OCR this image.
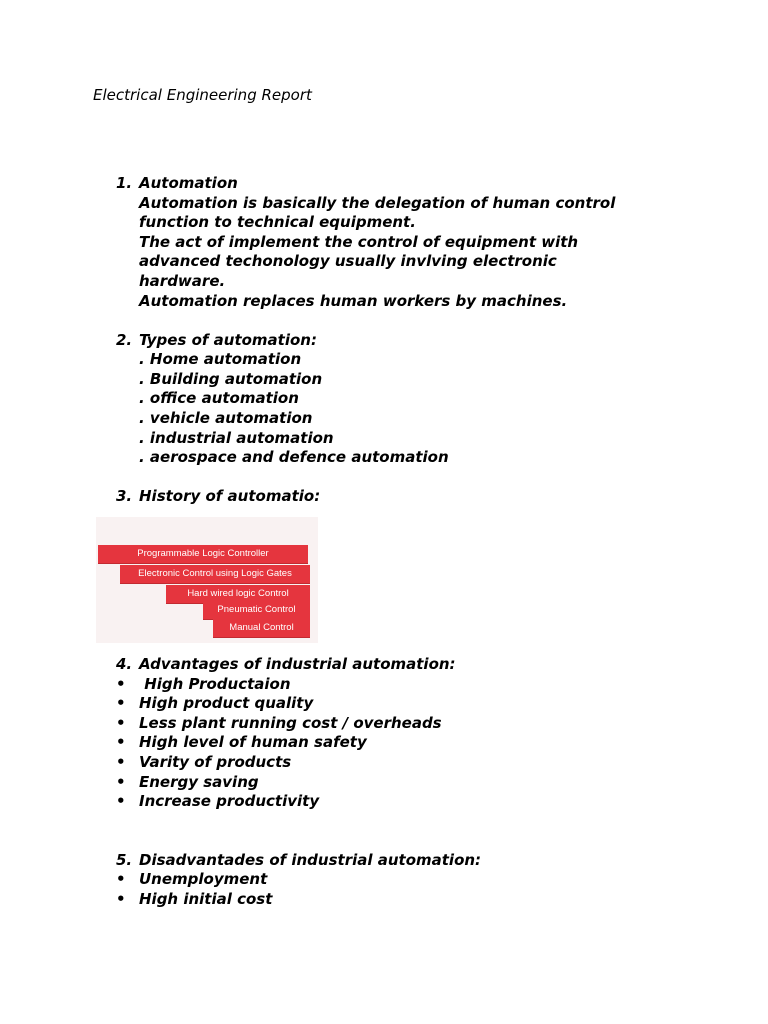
Electrical Engineering Report
1. Automation
Automation is basically the delegation of human control
function to technical equipment.
The act of implement the control of equipment with
advanced techonology usually invlving electronic
hardware.
Automation replaces human workers by machines.
2. Types of automation:
. Home automation
. Building automation
. office automation
. vehicle automation
. industrial automation
. aerospace and defence automation
3. History of automatio:
Programmable Logic Controller
Electronic Control using Logic Gates
Hard wired logic Control
Pneumatic Control
Manual Control
4. Advantages of industrial automation:
• High Productaion
• High product quality
• Less plant running cost / overheads
• High level of human safety
• Varity of products
• Energy saving
• Increase productivity
5. Disadvantades of industrial automation:
• Unemployment
• High initial cost
